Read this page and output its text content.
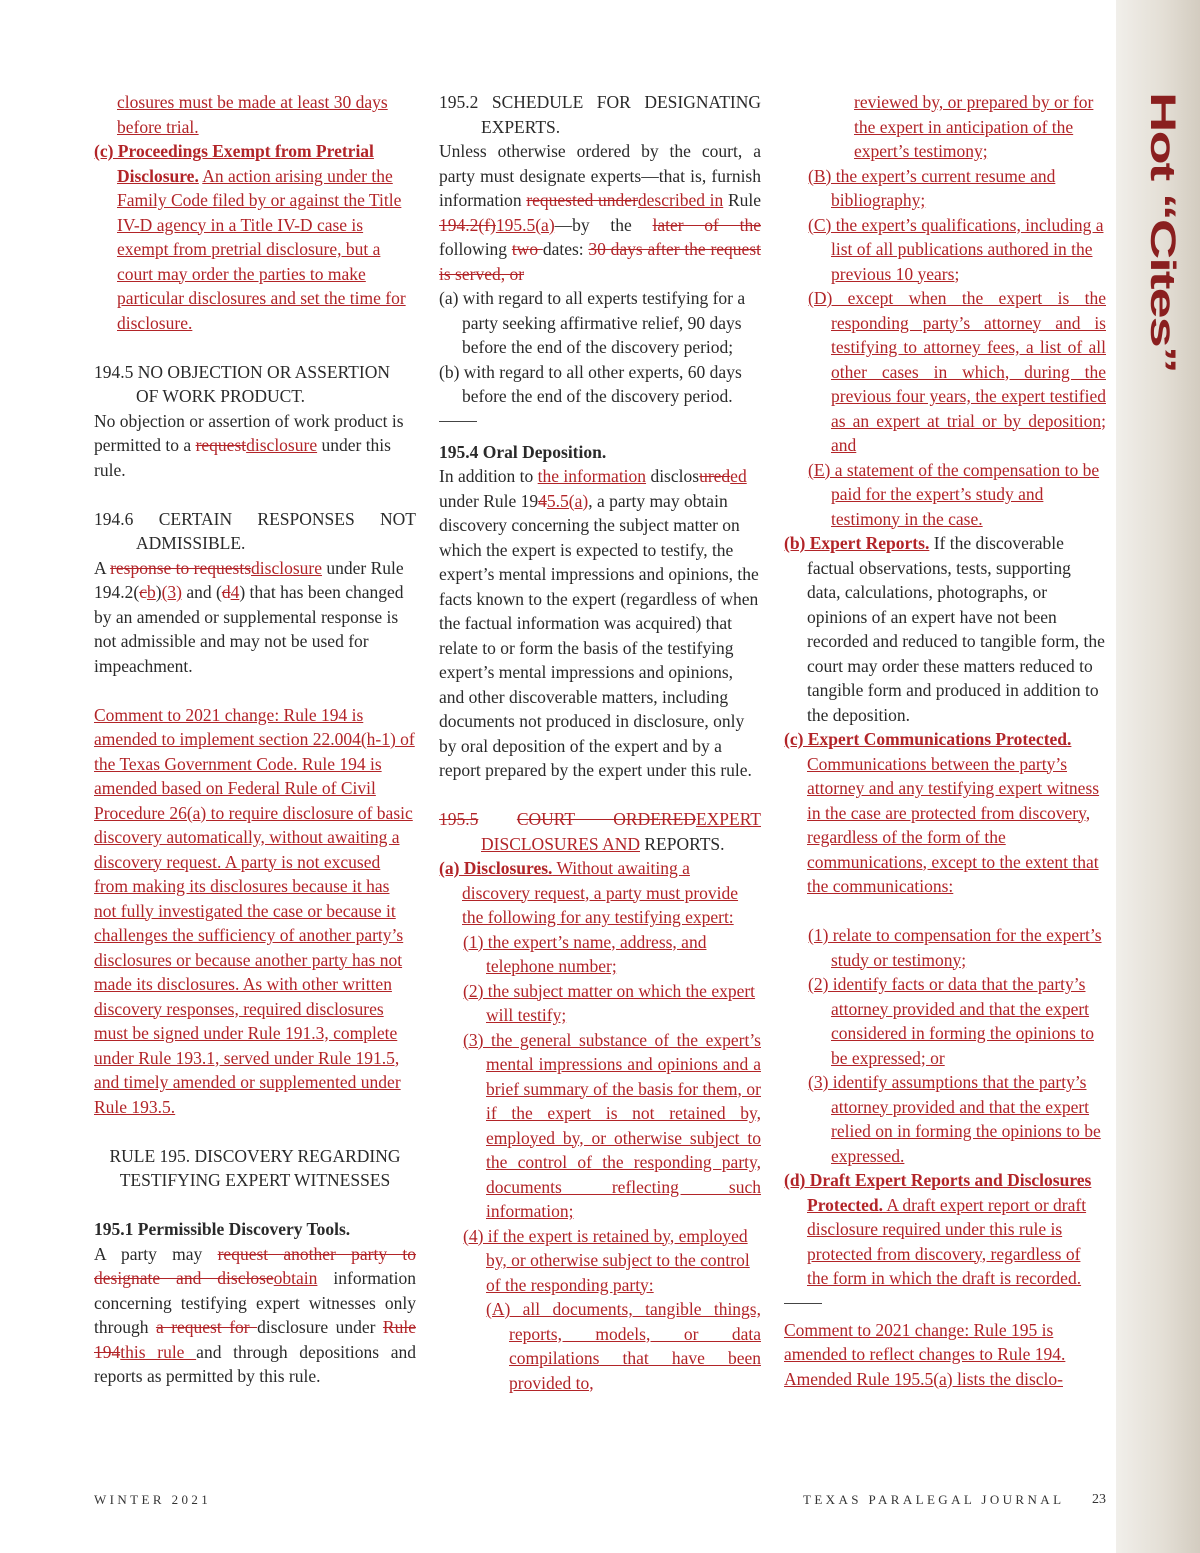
Hot “Cites”

closures must be made at least 30 days before trial.

(c) Proceedings Exempt from Pretrial Disclosure. An action arising under the Family Code filed by or against the Title IV-D agency in a Title IV-D case is exempt from pretrial disclosure, but a court may order the parties to make particular disclosures and set the time for disclosure.

194.5 NO OBJECTION OR ASSERTION OF WORK PRODUCT.

No objection or assertion of work product is permitted to a requestdisclosure under this rule.

194.6 CERTAIN RESPONSES NOT ADMISSIBLE.

A response to requestsdisclosure under Rule 194.2(cb)(3) and (d4) that has been changed by an amended or supplemental response is not admissible and may not be used for impeachment.

Comment to 2021 change: Rule 194 is amended to implement section 22.004(h-1) of the Texas Government Code. Rule 194 is amended based on Federal Rule of Civil Procedure 26(a) to require disclosure of basic discovery automatically, without awaiting a discovery request. A party is not excused from making its disclosures because it has not fully investigated the case or because it challenges the sufficiency of another party’s disclosures or because another party has not made its disclosures. As with other written discovery responses, required disclosures must be signed under Rule 191.3, complete under Rule 193.1, served under Rule 191.5, and timely amended or supplemented under Rule 193.5.

RULE 195. DISCOVERY REGARDING TESTIFYING EXPERT WITNESSES

195.1 Permissible Discovery Tools.

A party may request another party to designate and discloseobtain information concerning testifying expert witnesses only through a request for disclosure under Rule 194this rule and through depositions and reports as permitted by this rule.

195.2 SCHEDULE FOR DESIGNATING EXPERTS.

Unless otherwise ordered by the court, a party must designate experts—that is, furnish information requested underdescribed in Rule 194.2(f)195.5(a)—by the later of the following two dates: 30 days after the request is served, or

(a) with regard to all experts testifying for a party seeking affirmative relief, 90 days before the end of the discovery period;

(b) with regard to all other experts, 60 days before the end of the discovery period.

195.4 Oral Deposition.

In addition to the information disclosureded under Rule 1945.5(a), a party may obtain discovery concerning the subject matter on which the expert is expected to testify, the expert’s mental impressions and opinions, the facts known to the expert (regardless of when the factual information was acquired) that relate to or form the basis of the testifying expert’s mental impressions and opinions, and other discoverable matters, including documents not produced in disclosure, only by oral deposition of the expert and by a report prepared by the expert under this rule.

195.5 COURT ORDEREDEXPERT DISCLOSURES AND REPORTS.

(a) Disclosures. Without awaiting a discovery request, a party must provide the following for any testifying expert:

(1) the expert’s name, address, and telephone number;

(2) the subject matter on which the expert will testify;

(3) the general substance of the expert’s mental impressions and opinions and a brief summary of the basis for them, or if the expert is not retained by, employed by, or otherwise subject to the control of the responding party, documents reflecting such information;

(4) if the expert is retained by, employed by, or otherwise subject to the control of the responding party:

(A) all documents, tangible things, reports, models, or data compilations that have been provided to,

reviewed by, or prepared by or for the expert in anticipation of the expert’s testimony;

(B) the expert’s current resume and bibliography;

(C) the expert’s qualifications, including a list of all publications authored in the previous 10 years;

(D) except when the expert is the responding party’s attorney and is testifying to attorney fees, a list of all other cases in which, during the previous four years, the expert testified as an expert at trial or by deposition; and

(E) a statement of the compensation to be paid for the expert’s study and testimony in the case.

(b) Expert Reports. If the discoverable factual observations, tests, supporting data, calculations, photographs, or opinions of an expert have not been recorded and reduced to tangible form, the court may order these matters reduced to tangible form and produced in addition to the deposition.

(c) Expert Communications Protected. Communications between the party’s attorney and any testifying expert witness in the case are protected from discovery, regardless of the form of the communications, except to the extent that the communications:

(1) relate to compensation for the expert’s study or testimony;

(2) identify facts or data that the party’s attorney provided and that the expert considered in forming the opinions to be expressed; or

(3) identify assumptions that the party’s attorney provided and that the expert relied on in forming the opinions to be expressed.

(d) Draft Expert Reports and Disclosures Protected. A draft expert report or draft disclosure required under this rule is protected from discovery, regardless of the form in which the draft is recorded.

Comment to 2021 change: Rule 195 is amended to reflect changes to Rule 194. Amended Rule 195.5(a) lists the disclo-

WINTER 2021	TEXAS PARALEGAL JOURNAL 23
